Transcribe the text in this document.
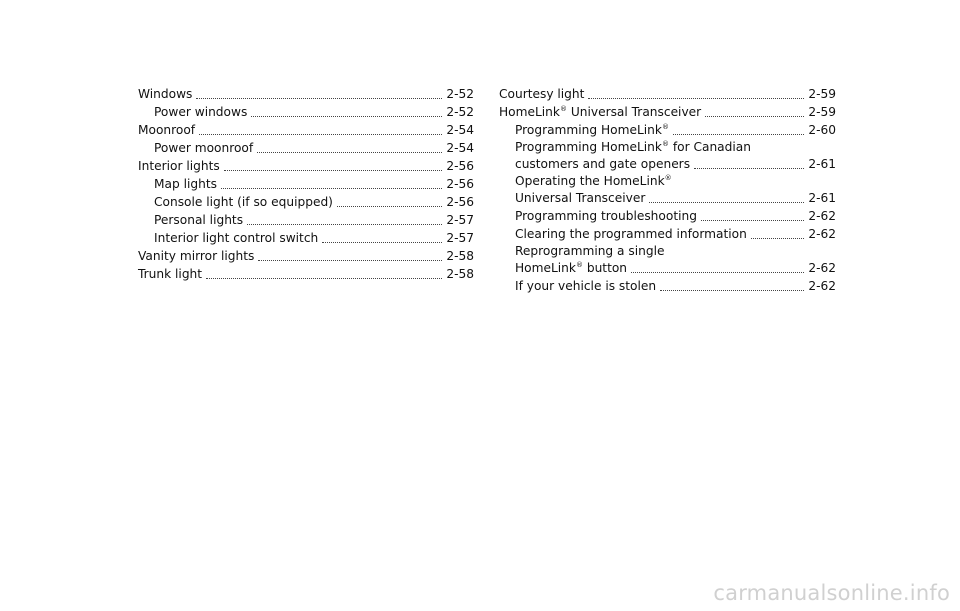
Windows	2-52
Power windows	2-52
Moonroof	2-54
Power moonroof	2-54
Interior lights	2-56
Map lights	2-56
Console light (if so equipped)	2-56
Personal lights	2-57
Interior light control switch	2-57
Vanity mirror lights	2-58
Trunk light	2-58
Courtesy light	2-59
HomeLink® Universal Transceiver	2-59
Programming HomeLink®	2-60
Programming HomeLink® for Canadian
customers and gate openers	2-61
Operating the HomeLink®
Universal Transceiver	2-61
Programming troubleshooting	2-62
Clearing the programmed information	2-62
Reprogramming a single
HomeLink® button	2-62
If your vehicle is stolen	2-62
carmanualsonline.info
